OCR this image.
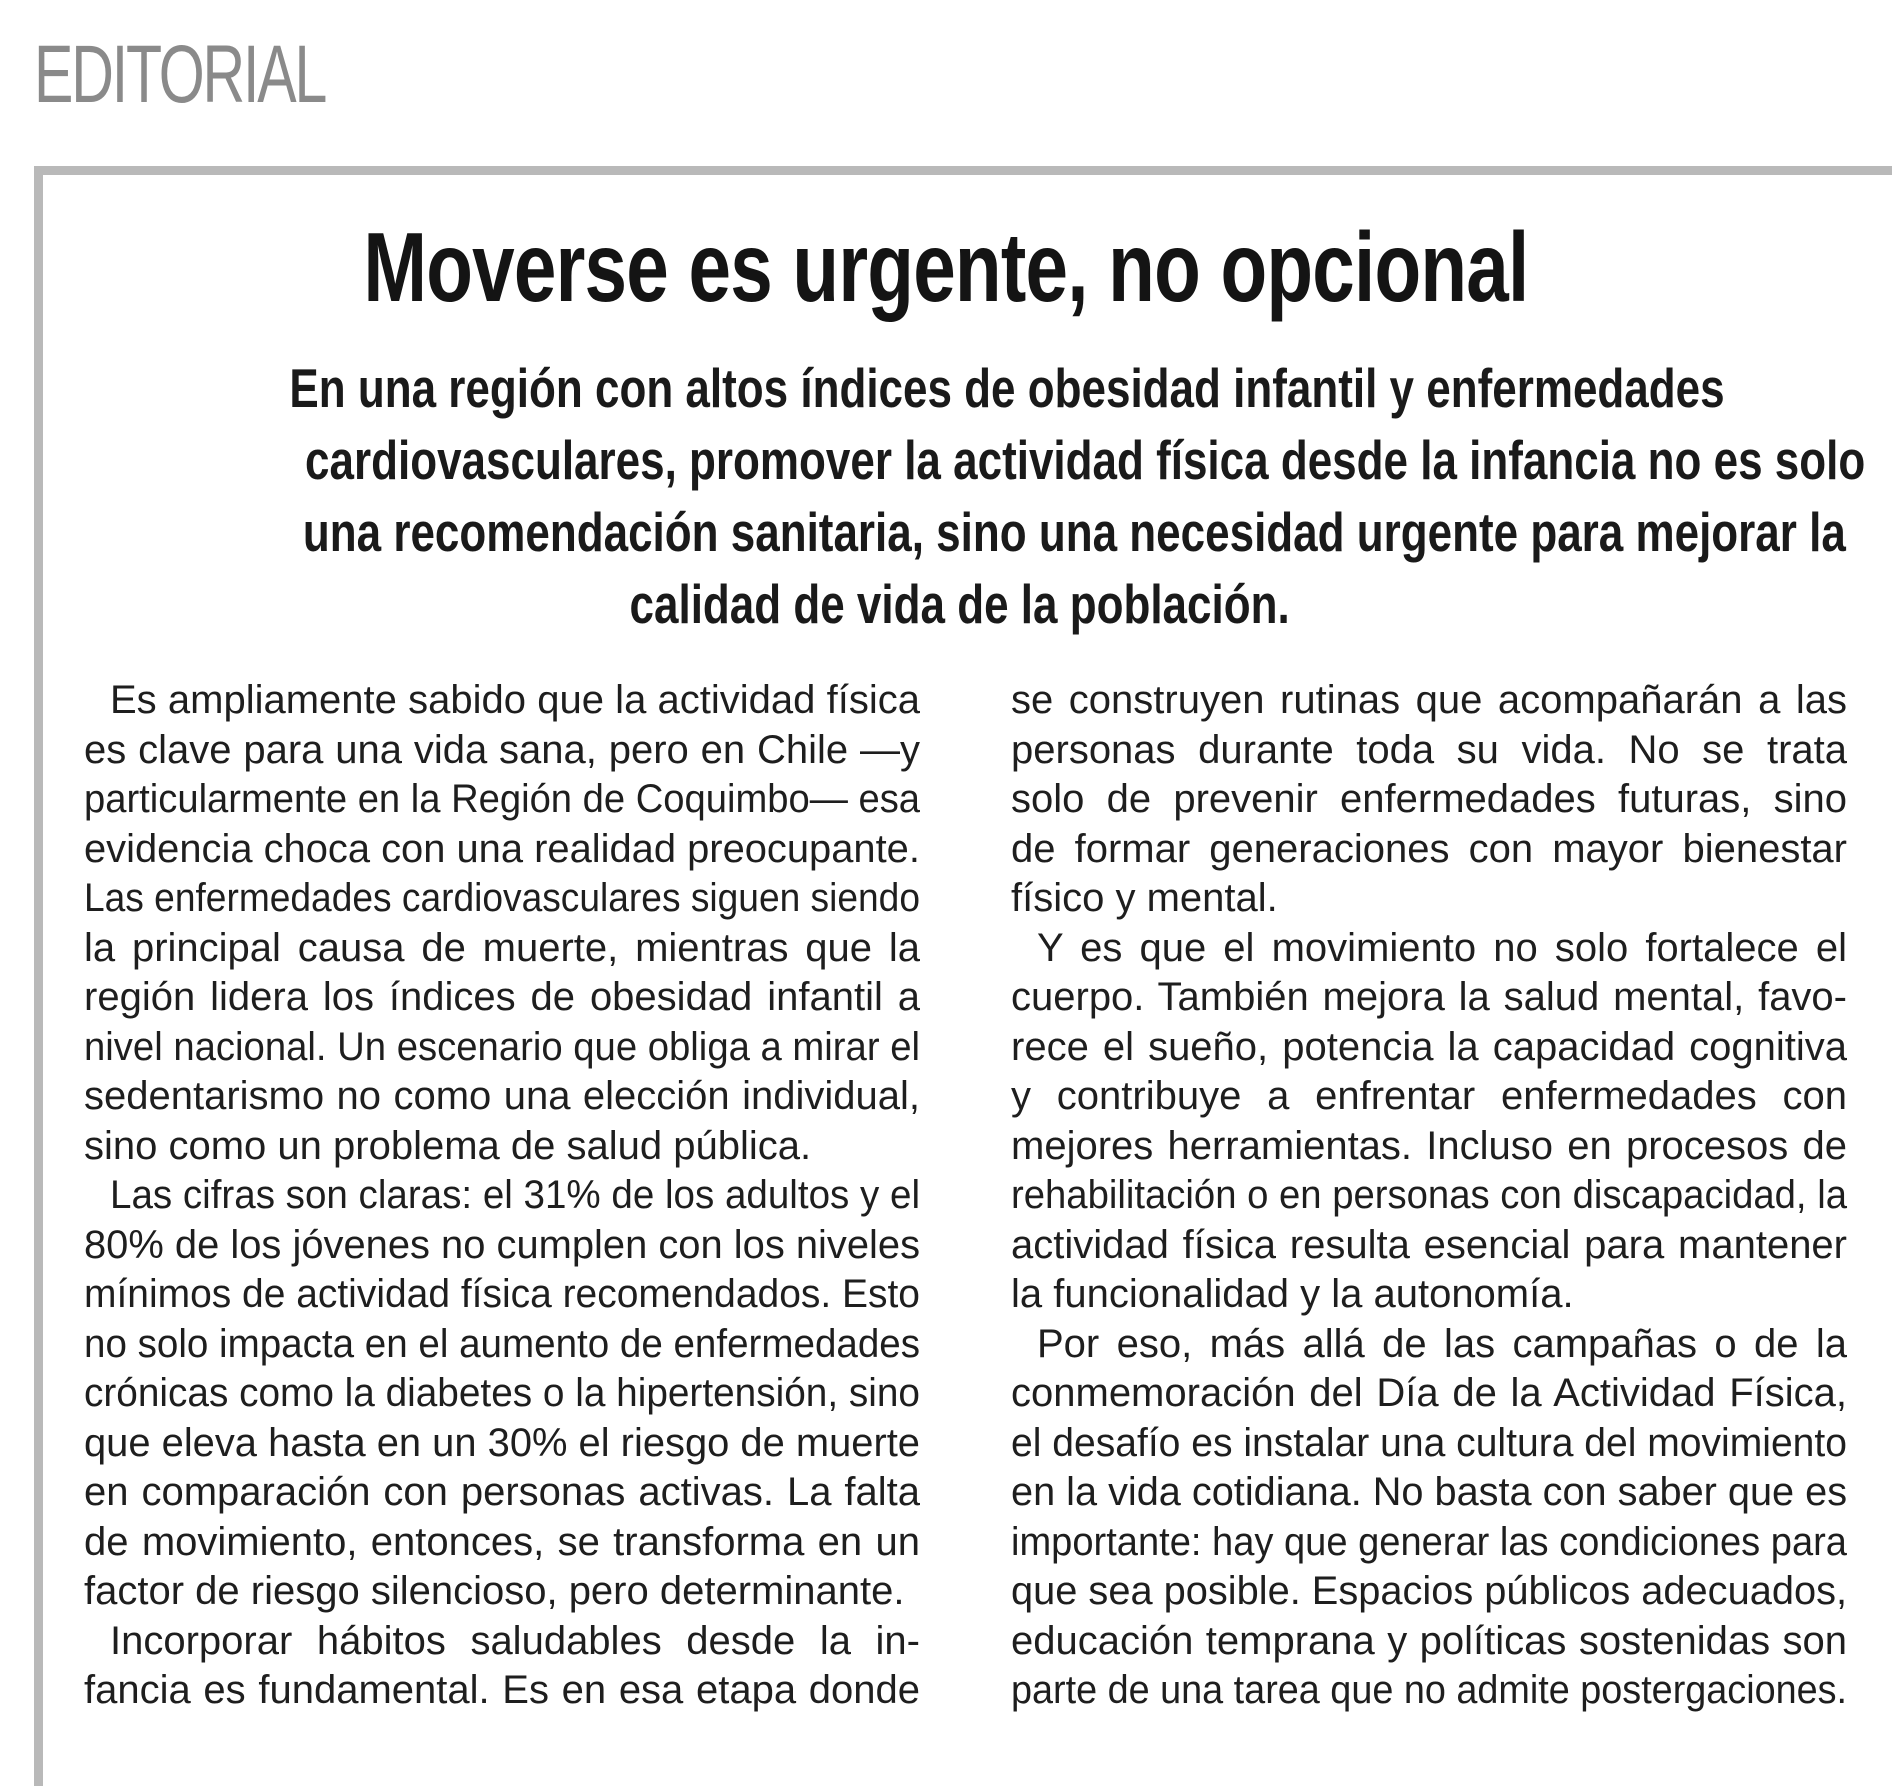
EDITORIAL
Moverse es urgente, no opcional
En una región con altos índices de obesidad infantil y enfermedades
cardiovasculares, promover la actividad física desde la infancia no es solo
una recomendación sanitaria, sino una necesidad urgente para mejorar la
calidad de vida de la población.
Es ampliamente sabido que la actividad física
es clave para una vida sana, pero en Chile —y
particularmente en la Región de Coquimbo— esa
evidencia choca con una realidad preocupante.
Las enfermedades cardiovasculares siguen siendo
la principal causa de muerte, mientras que la
región lidera los índices de obesidad infantil a
nivel nacional. Un escenario que obliga a mirar el
sedentarismo no como una elección individual,
sino como un problema de salud pública.
Las cifras son claras: el 31% de los adultos y el
80% de los jóvenes no cumplen con los niveles
mínimos de actividad física recomendados. Esto
no solo impacta en el aumento de enfermedades
crónicas como la diabetes o la hipertensión, sino
que eleva hasta en un 30% el riesgo de muerte
en comparación con personas activas. La falta
de movimiento, entonces, se transforma en un
factor de riesgo silencioso, pero determinante.
Incorporar hábitos saludables desde la in-
fancia es fundamental. Es en esa etapa donde
se construyen rutinas que acompañarán a las
personas durante toda su vida. No se trata
solo de prevenir enfermedades futuras, sino
de formar generaciones con mayor bienestar
físico y mental.
Y es que el movimiento no solo fortalece el
cuerpo. También mejora la salud mental, favo-
rece el sueño, potencia la capacidad cognitiva
y contribuye a enfrentar enfermedades con
mejores herramientas. Incluso en procesos de
rehabilitación o en personas con discapacidad, la
actividad física resulta esencial para mantener
la funcionalidad y la autonomía.
Por eso, más allá de las campañas o de la
conmemoración del Día de la Actividad Física,
el desafío es instalar una cultura del movimiento
en la vida cotidiana. No basta con saber que es
importante: hay que generar las condiciones para
que sea posible. Espacios públicos adecuados,
educación temprana y políticas sostenidas son
parte de una tarea que no admite postergaciones.
